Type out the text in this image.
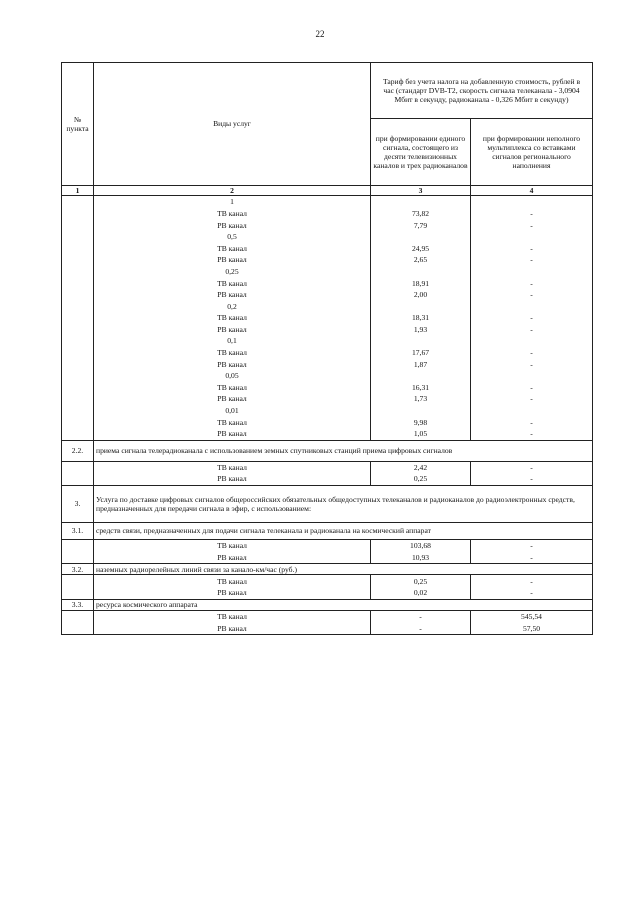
22
№ пункта	Виды услуг	Тариф без учета налога на добавленную стоимость, рублей в час (стандарт DVB-T2, скорость сигнала телеканала - 3,0904 Мбит в секунду, радиоканала - 0,326 Мбит в секунду)	
		при формировании единого сигнала, состоящего из десяти телевизионных каналов и трех радиоканалов	при формировании неполного мультиплекса со вставками сигналов регионального наполнения
1	2	3	4
	1		
	ТВ канал	73,82	-
	РВ канал	7,79	-
	0,5		
	ТВ канал	24,95	-
	РВ канал	2,65	-
	0,25		
	ТВ канал	18,91	-
	РВ канал	2,00	-
	0,2		
	ТВ канал	18,31	-
	РВ канал	1,93	-
	0,1		
	ТВ канал	17,67	-
	РВ канал	1,87	-
	0,05		
	ТВ канал	16,31	-
	РВ канал	1,73	-
	0,01		
	ТВ канал	9,98	-
	РВ канал	1,05	-
2.2.	приема сигнала телерадиоканала с использованием земных спутниковых станций приема цифровых сигналов		
	ТВ канал	2,42	-
	РВ канал	0,25	-
3.	Услуга по доставке цифровых сигналов общероссийских обязательных общедоступных телеканалов и радиоканалов до радиоэлектронных средств, предназначенных для передачи сигнала в эфир, с использованием:		
3.1.	средств связи, предназначенных для подачи сигнала телеканала и радиоканала на космический аппарат		
	ТВ канал	103,68	-
	РВ канал	10,93	-
3.2.	наземных радиорелейных линий связи за канало-км/час (руб.)		
	ТВ канал	0,25	-
	РВ канал	0,02	-
3.3.	ресурса космического аппарата		
	ТВ канал	-	545,54
	РВ канал	-	57,50
